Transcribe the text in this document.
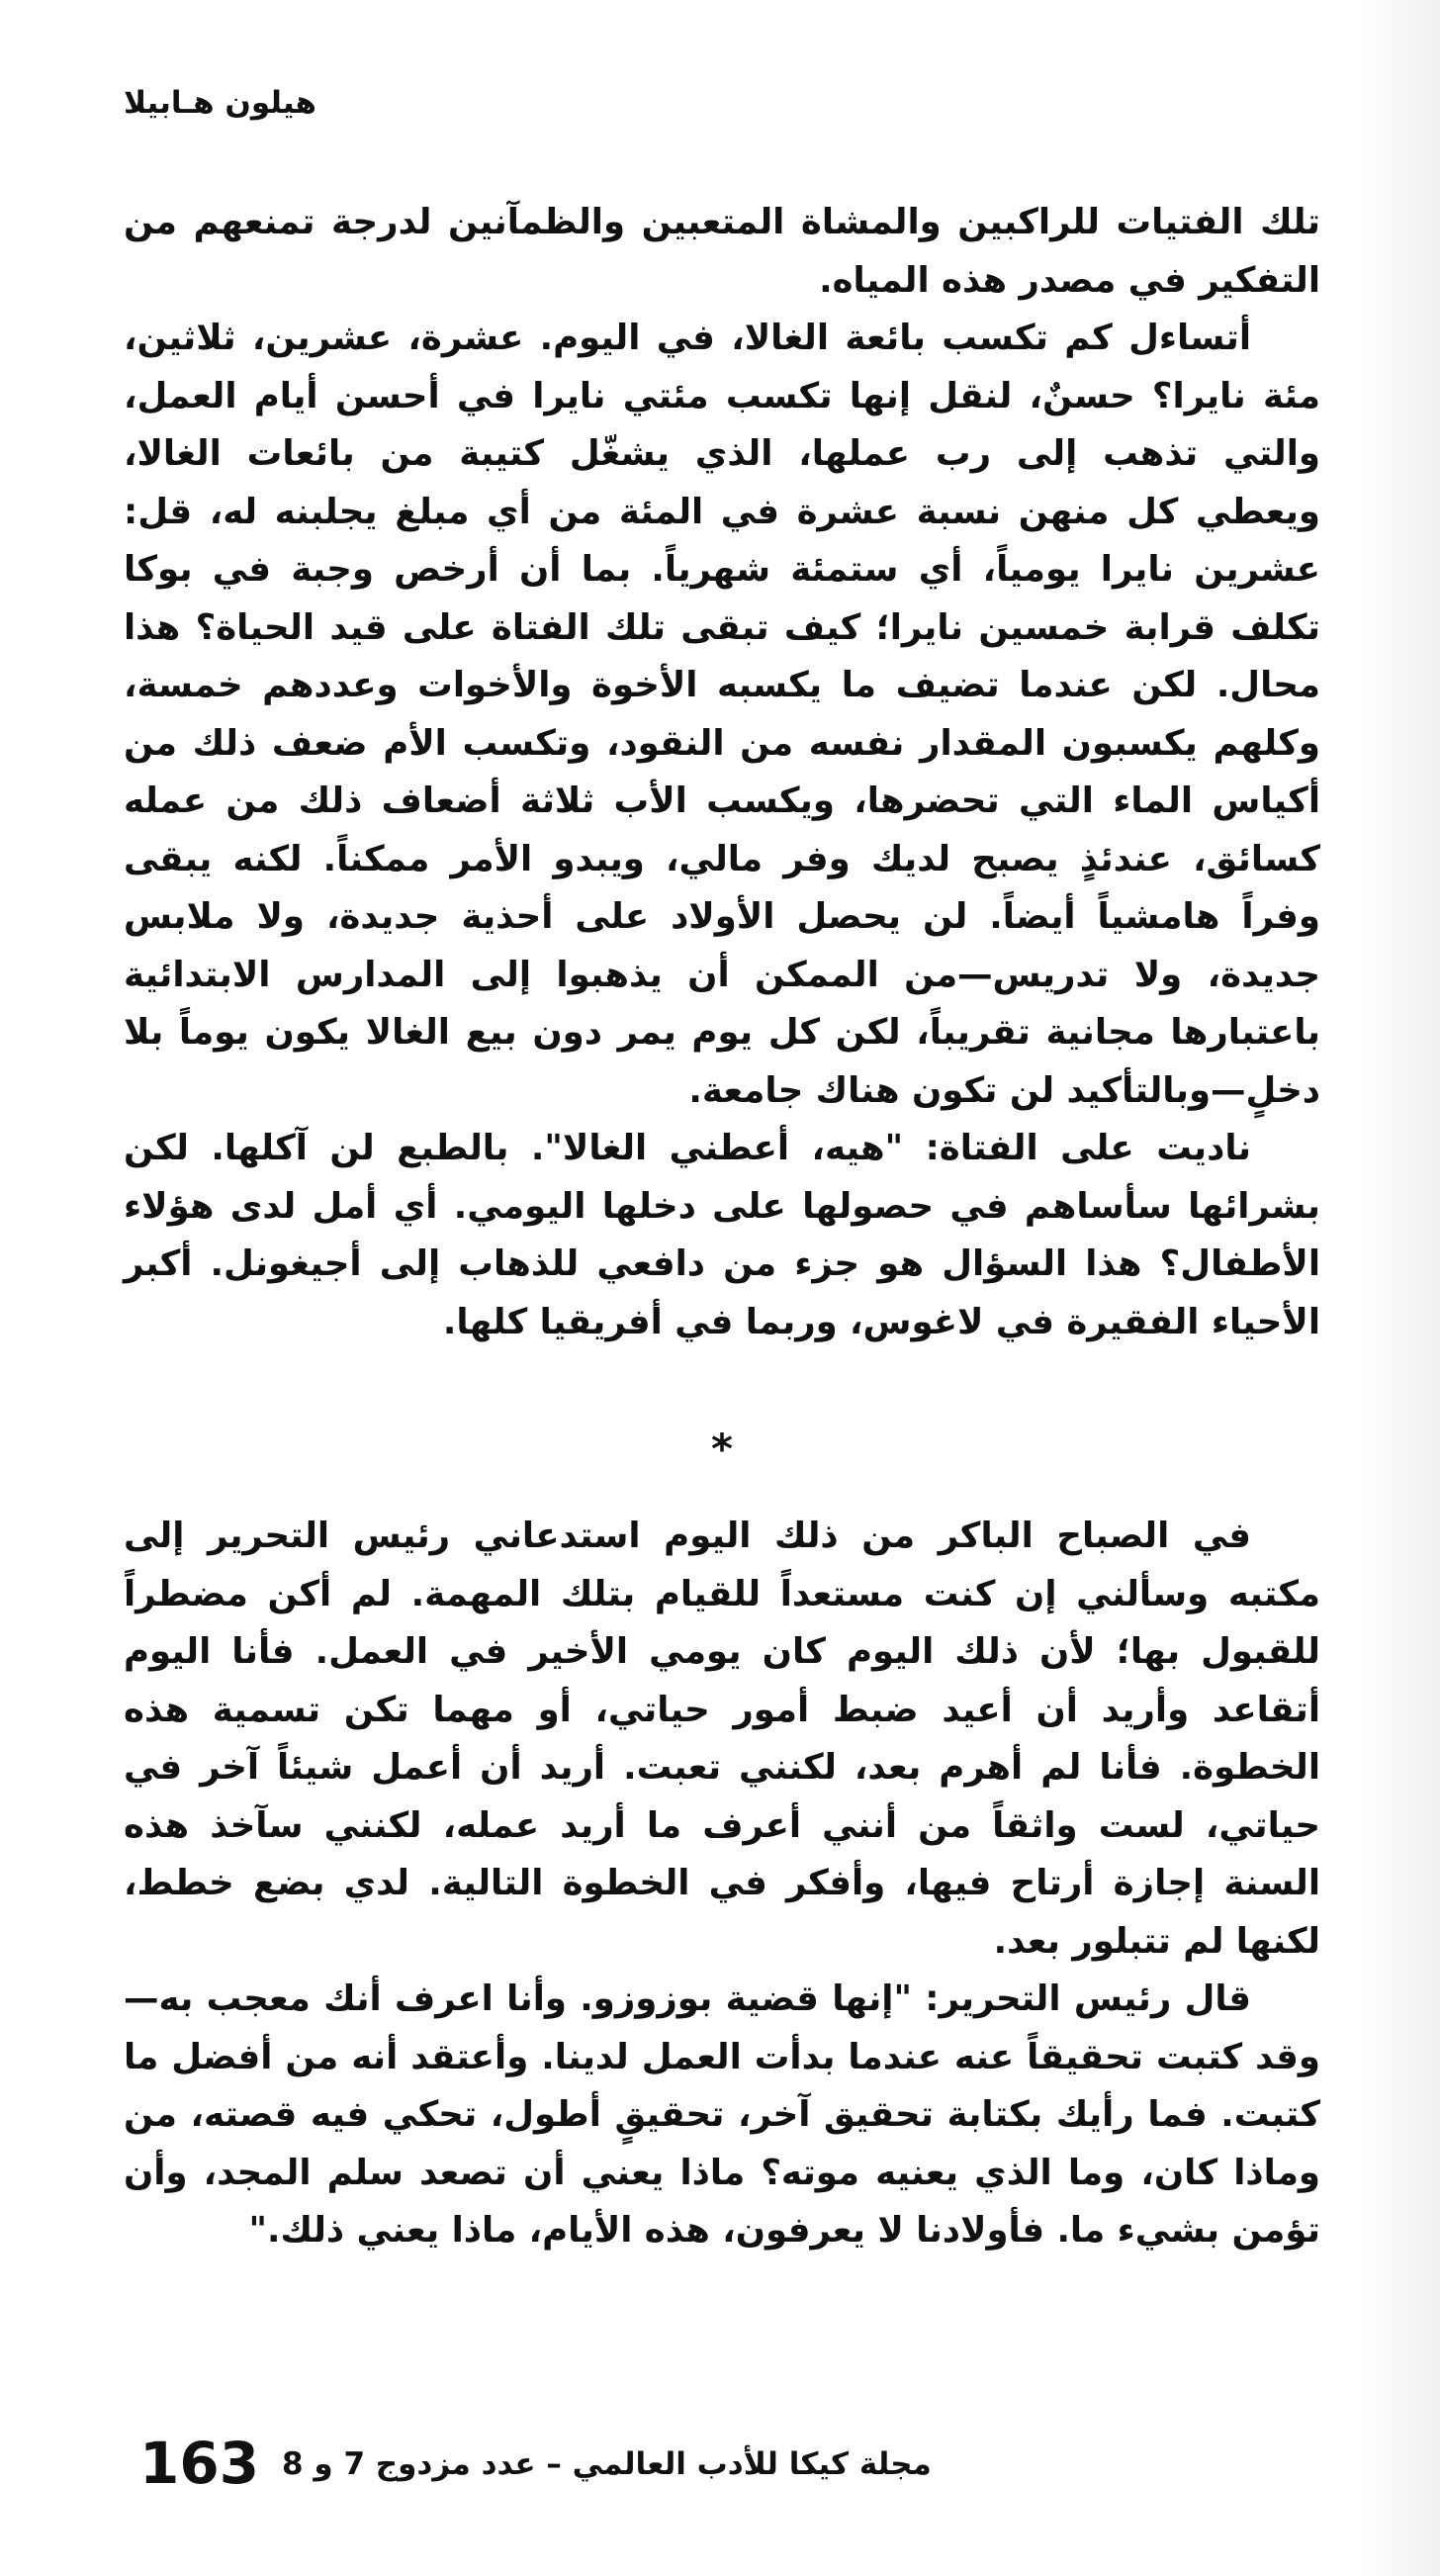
هيلون هـابيلا

تلك الفتيات للراكبين والمشاة المتعبين والظمآنين لدرجة تمنعهم من التفكير في مصدر هذه المياه.

أتساءل كم تكسب بائعة الغالا، في اليوم. عشرة، عشرين، ثلاثين، مئة نايرا؟ حسنٌ، لنقل إنها تكسب مئتي نايرا في أحسن أيام العمل، والتي تذهب إلى رب عملها، الذي يشغّل كتيبة من بائعات الغالا، ويعطي كل منهن نسبة عشرة في المئة من أي مبلغ يجلبنه له، قل: عشرين نايرا يومياً، أي ستمئة شهرياً. بما أن أرخص وجبة في بوكا تكلف قرابة خمسين نايرا؛ كيف تبقى تلك الفتاة على قيد الحياة؟ هذا محال. لكن عندما تضيف ما يكسبه الأخوة والأخوات وعددهم خمسة، وكلهم يكسبون المقدار نفسه من النقود، وتكسب الأم ضعف ذلك من أكياس الماء التي تحضرها، ويكسب الأب ثلاثة أضعاف ذلك من عمله كسائق، عندئذٍ يصبح لديك وفر مالي، ويبدو الأمر ممكناً. لكنه يبقى وفراً هامشياً أيضاً. لن يحصل الأولاد على أحذية جديدة، ولا ملابس جديدة، ولا تدريس—من الممكن أن يذهبوا إلى المدارس الابتدائية باعتبارها مجانية تقريباً، لكن كل يوم يمر دون بيع الغالا يكون يوماً بلا دخلٍ—وبالتأكيد لن تكون هناك جامعة.

ناديت على الفتاة: "هيه، أعطني الغالا". بالطبع لن آكلها. لكن بشرائها سأساهم في حصولها على دخلها اليومي. أي أمل لدى هؤلاء الأطفال؟ هذا السؤال هو جزء من دافعي للذهاب إلى أجيغونل. أكبر الأحياء الفقيرة في لاغوس، وربما في أفريقيا كلها.

*

في الصباح الباكر من ذلك اليوم استدعاني رئيس التحرير إلى مكتبه وسألني إن كنت مستعداً للقيام بتلك المهمة. لم أكن مضطراً للقبول بها؛ لأن ذلك اليوم كان يومي الأخير في العمل. فأنا اليوم أتقاعد وأريد أن أعيد ضبط أمور حياتي، أو مهما تكن تسمية هذه الخطوة. فأنا لم أهرم بعد، لكنني تعبت. أريد أن أعمل شيئاً آخر في حياتي، لست واثقاً من أنني أعرف ما أريد عمله، لكنني سآخذ هذه السنة إجازة أرتاح فيها، وأفكر في الخطوة التالية. لدي بضع خطط، لكنها لم تتبلور بعد.

قال رئيس التحرير: "إنها قضية بوزوزو. وأنا اعرف أنك معجب به—وقد كتبت تحقيقاً عنه عندما بدأت العمل لدينا. وأعتقد أنه من أفضل ما كتبت. فما رأيك بكتابة تحقيق آخر، تحقيقٍ أطول، تحكي فيه قصته، من وماذا كان، وما الذي يعنيه موته؟ ماذا يعني أن تصعد سلم المجد، وأن تؤمن بشيء ما. فأولادنا لا يعرفون، هذه الأيام، ماذا يعني ذلك."

163 مجلة كيكا للأدب العالمي – عدد مزدوج 7 و 8
